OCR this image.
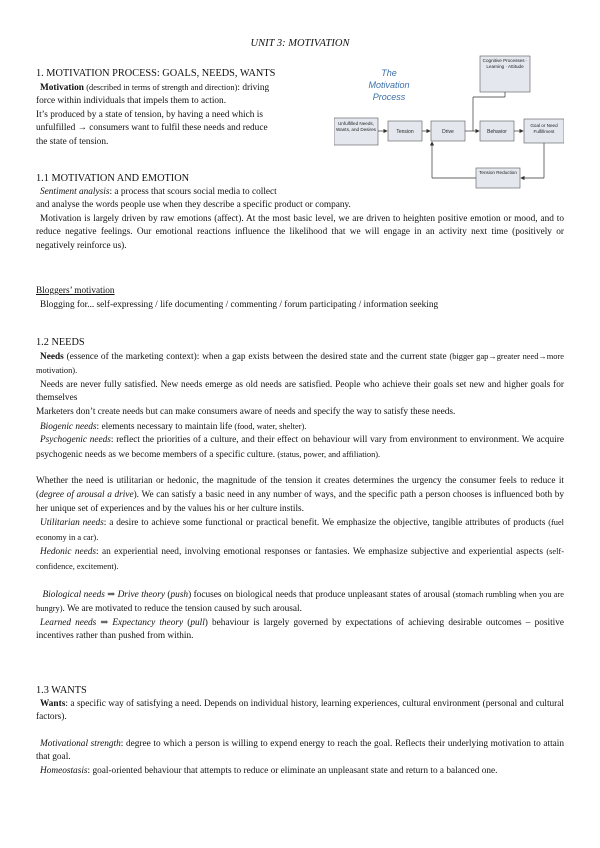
UNIT 3: MOTIVATION

1. MOTIVATION PROCESS: GOALS, NEEDS, WANTS

Motivation (described in terms of strength and direction): driving

force within individuals that impels them to action.

It’s produced by a state of tension, by having a need which is

unfulfilled → consumers want to fulfil these needs and reduce

the state of tension.

The
Motivation
Process
Cognitive Processes · Learning · Attitude
Unfulfilled Needs, Wants, and Desires	Tension	Drive	Behavior
Goal or Need Fulfillment
Tension Reduction

1.1 MOTIVATION AND EMOTION

Sentiment analysis: a process that scours social media to collect

and analyse the words people use when they describe a specific product or company.

Motivation is largely driven by raw emotions (affect). At the most basic level, we are driven to heighten positive emotion or mood, and to reduce negative feelings. Our emotional reactions influence the likelihood that we will engage in an activity next time (positively or negatively reinforce us).

Bloggers’ motivation

Blogging for... self-expressing / life documenting / commenting / forum participating / information seeking

1.2 NEEDS

Needs (essence of the marketing context): when a gap exists between the desired state and the current state (bigger gap→greater need→more motivation).

Needs are never fully satisfied. New needs emerge as old needs are satisfied. People who achieve their goals set new and higher goals for themselves

Marketers don’t create needs but can make consumers aware of needs and specify the way to satisfy these needs.

Biogenic needs: elements necessary to maintain life (food, water, shelter).

Psychogenic needs: reflect the priorities of a culture, and their effect on behaviour will vary from environment to environment. We acquire psychogenic needs as we become members of a specific culture. (status, power, and affiliation).

Whether the need is utilitarian or hedonic, the magnitude of the tension it creates determines the urgency the consumer feels to reduce it (degree of arousal a drive). We can satisfy a basic need in any number of ways, and the specific path a person chooses is influenced both by her unique set of experiences and by the values his or her culture instils.

Utilitarian needs: a desire to achieve some functional or practical benefit. We emphasize the objective, tangible attributes of products (fuel economy in a car).

Hedonic needs: an experiential need, involving emotional responses or fantasies. We emphasize subjective and experiential aspects (self-confidence, excitement).

Biological needs ⇒ Drive theory (push) focuses on biological needs that produce unpleasant states of arousal (stomach rumbling when you are hungry). We are motivated to reduce the tension caused by such arousal.

Learned needs ⇒ Expectancy theory (pull) behaviour is largely governed by expectations of achieving desirable outcomes – positive incentives rather than pushed from within.

1.3 WANTS

Wants: a specific way of satisfying a need. Depends on individual history, learning experiences, cultural environment (personal and cultural factors).

Motivational strength: degree to which a person is willing to expend energy to reach the goal. Reflects their underlying motivation to attain that goal.

Homeostasis: goal-oriented behaviour that attempts to reduce or eliminate an unpleasant state and return to a balanced one.
